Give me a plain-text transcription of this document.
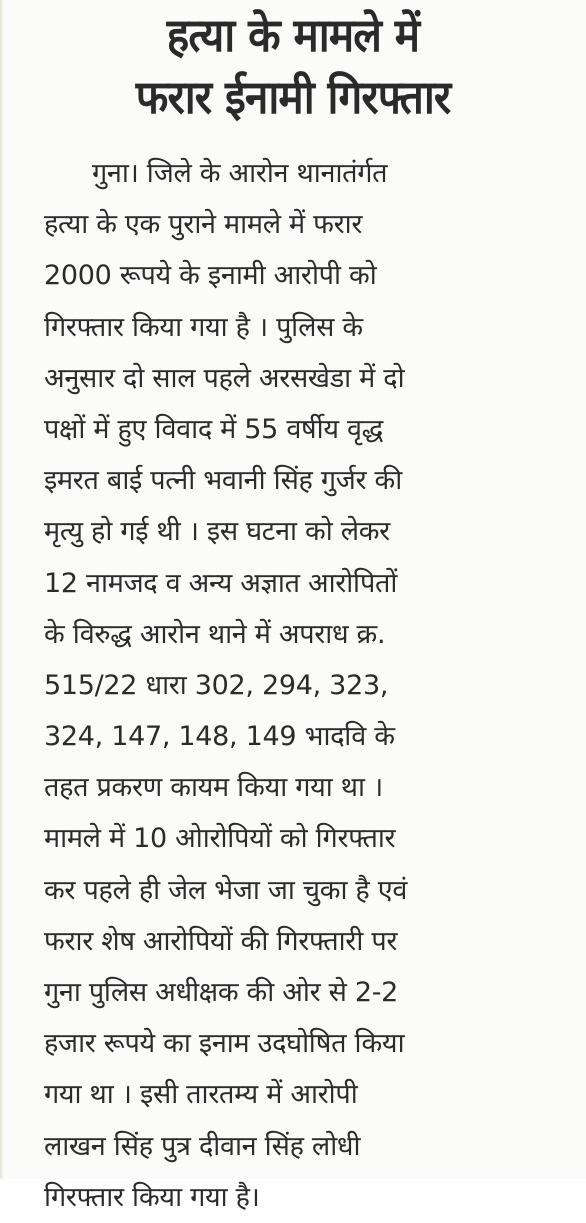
हत्या के मामले में
फरार ईनामी गिरफ्तार
गुना। जिले के आरोन थानातंर्गत
हत्या के एक पुराने मामले में फरार
2000 रूपये के इनामी आरोपी को
गिरफ्तार किया गया है । पुलिस के
अनुसार दो साल पहले अरसखेडा में दो
पक्षों में हुए विवाद में 55 वर्षीय वृद्ध
इमरत बाई पत्नी भवानी सिंह गुर्जर की
मृत्यु हो गई थी । इस घटना को लेकर
12 नामजद व अन्य अज्ञात आरोपितों
के विरुद्ध आरोन थाने में अपराध क्र.
515/22 धारा 302, 294, 323,
324, 147, 148, 149 भादवि के
तहत प्रकरण कायम किया गया था ।
मामले में 10 ओारोपियों को गिरफ्तार
कर पहले ही जेल भेजा जा चुका है एवं
फरार शेष आरोपियों की गिरफ्तारी पर
गुना पुलिस अधीक्षक की ओर से 2-2
हजार रूपये का इनाम उदघोषित किया
गया था । इसी तारतम्य में आरोपी
लाखन सिंह पुत्र दीवान सिंह लोधी
गिरफ्तार किया गया है।
